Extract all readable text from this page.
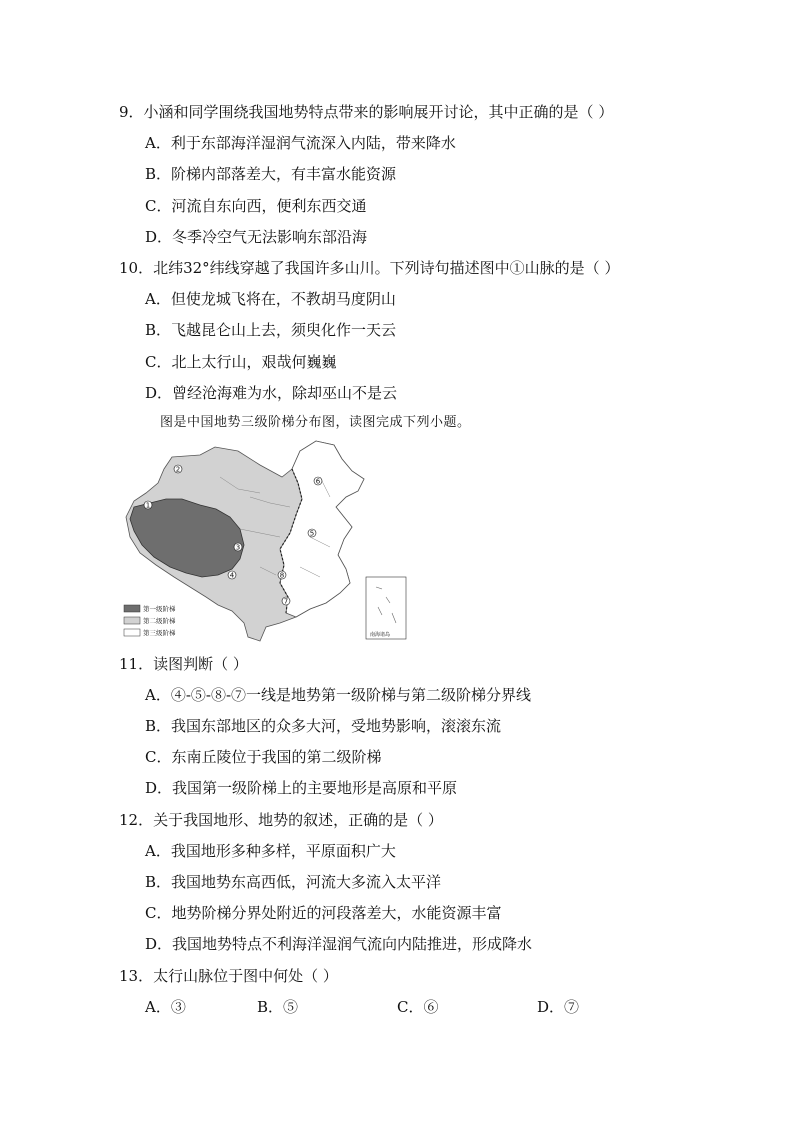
9．小涵和同学围绕我国地势特点带来的影响展开讨论，其中正确的是（ ）
A．利于东部海洋湿润气流深入内陆，带来降水
B．阶梯内部落差大，有丰富水能资源
C．河流自东向西，便利东西交通
D．冬季冷空气无法影响东部沿海
10．北纬32°纬线穿越了我国许多山川。下列诗句描述图中①山脉的是（ ）
A．但使龙城飞将在，不教胡马度阴山
B．飞越昆仑山上去，须臾化作一天云
C．北上太行山，艰哉何巍巍
D．曾经沧海难为水，除却巫山不是云
图是中国地势三级阶梯分布图，读图完成下列小题。
1
2
3
4
5
6
8
7
第一级阶梯
第二级阶梯
第三级阶梯	南海诸岛
11．读图判断（ ）
A．④-⑤-⑧-⑦一线是地势第一级阶梯与第二级阶梯分界线
B．我国东部地区的众多大河，受地势影响，滚滚东流
C．东南丘陵位于我国的第二级阶梯
D．我国第一级阶梯上的主要地形是高原和平原
12．关于我国地形、地势的叙述，正确的是（ ）
A．我国地形多种多样，平原面积广大
B．我国地势东高西低，河流大多流入太平洋
C．地势阶梯分界处附近的河段落差大，水能资源丰富
D．我国地势特点不利海洋湿润气流向内陆推进，形成降水
13．太行山脉位于图中何处（ ）
A．③	B．⑤	C．⑥	D．⑦
